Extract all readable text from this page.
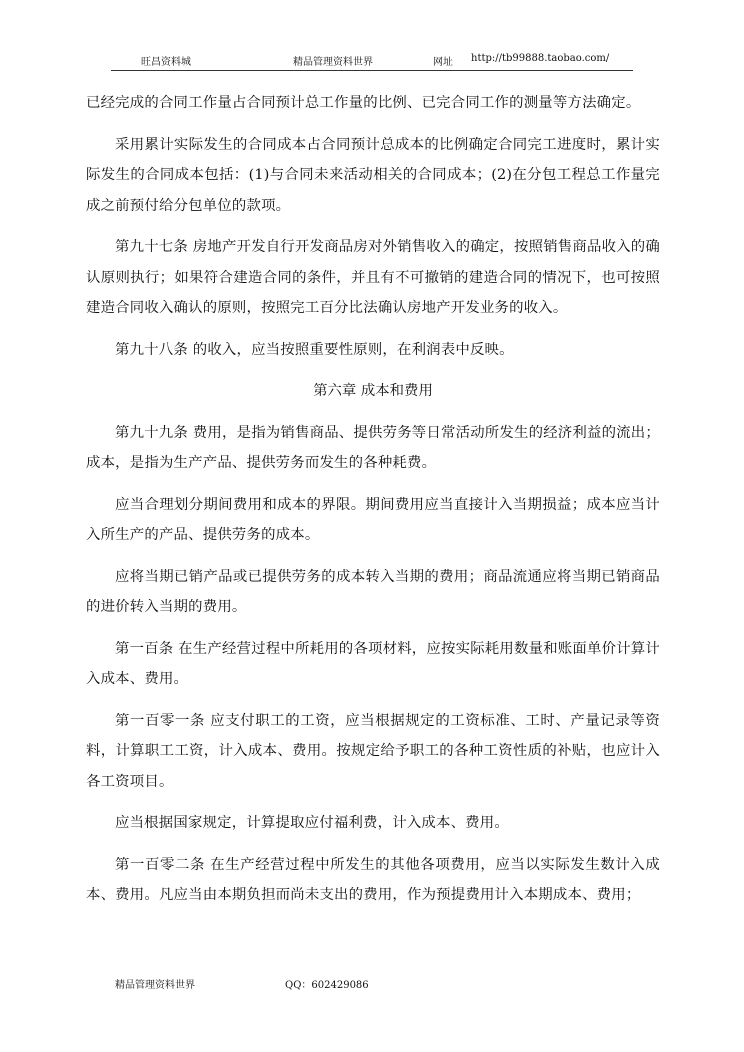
旺昌资料城	精品管理资料世界	网址 http://tb99888.taobao.com/

已经完成的合同工作量占合同预计总工作量的比例、已完合同工作的测量等方法确定。

采用累计实际发生的合同成本占合同预计总成本的比例确定合同完工进度时，累计实际发生的合同成本包括：(1)与合同未来活动相关的合同成本；(2)在分包工程总工作量完成之前预付给分包单位的款项。

第九十七条 房地产开发自行开发商品房对外销售收入的确定，按照销售商品收入的确认原则执行；如果符合建造合同的条件，并且有不可撤销的建造合同的情况下，也可按照建造合同收入确认的原则，按照完工百分比法确认房地产开发业务的收入。

第九十八条 的收入，应当按照重要性原则，在利润表中反映。

第六章 成本和费用

第九十九条 费用，是指为销售商品、提供劳务等日常活动所发生的经济利益的流出；成本，是指为生产产品、提供劳务而发生的各种耗费。

应当合理划分期间费用和成本的界限。期间费用应当直接计入当期损益；成本应当计入所生产的产品、提供劳务的成本。

应将当期已销产品或已提供劳务的成本转入当期的费用；商品流通应将当期已销商品的进价转入当期的费用。

第一百条 在生产经营过程中所耗用的各项材料，应按实际耗用数量和账面单价计算计入成本、费用。

第一百零一条 应支付职工的工资，应当根据规定的工资标准、工时、产量记录等资料，计算职工工资，计入成本、费用。按规定给予职工的各种工资性质的补贴，也应计入各工资项目。

应当根据国家规定，计算提取应付福利费，计入成本、费用。

第一百零二条 在生产经营过程中所发生的其他各项费用，应当以实际发生数计入成本、费用。凡应当由本期负担而尚未支出的费用，作为预提费用计入本期成本、费用；

精品管理资料世界	QQ：602429086
